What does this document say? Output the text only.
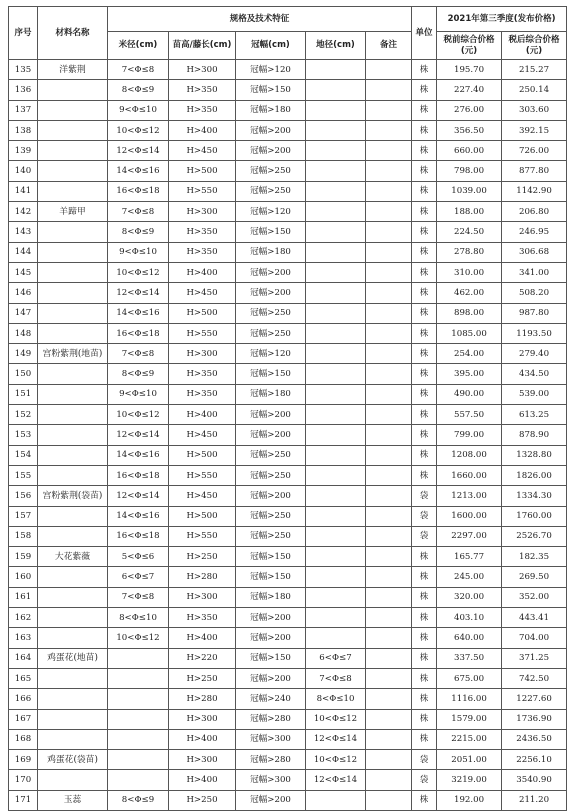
序号	材料名称	规格及技术特征					单位	2021年第三季度(发布价格)	
		米径(cm)	苗高/藤长(cm)	冠幅(cm)	地径(cm)	备注		税前综合价格(元)	税后综合价格(元)
135	洋紫荆	7<Φ≤8	H>300	冠幅>120			株	195.70	215.27
136		8<Φ≤9	H>350	冠幅>150			株	227.40	250.14
137		9<Φ≤10	H>350	冠幅>180			株	276.00	303.60
138		10<Φ≤12	H>400	冠幅>200			株	356.50	392.15
139		12<Φ≤14	H>450	冠幅>200			株	660.00	726.00
140		14<Φ≤16	H>500	冠幅>250			株	798.00	877.80
141		16<Φ≤18	H>550	冠幅>250			株	1039.00	1142.90
142	羊蹄甲	7<Φ≤8	H>300	冠幅>120			株	188.00	206.80
143		8<Φ≤9	H>350	冠幅>150			株	224.50	246.95
144		9<Φ≤10	H>350	冠幅>180			株	278.80	306.68
145		10<Φ≤12	H>400	冠幅>200			株	310.00	341.00
146		12<Φ≤14	H>450	冠幅>200			株	462.00	508.20
147		14<Φ≤16	H>500	冠幅>250			株	898.00	987.80
148		16<Φ≤18	H>550	冠幅>250			株	1085.00	1193.50
149	宫粉紫荆(地苗)	7<Φ≤8	H>300	冠幅>120			株	254.00	279.40
150		8<Φ≤9	H>350	冠幅>150			株	395.00	434.50
151		9<Φ≤10	H>350	冠幅>180			株	490.00	539.00
152		10<Φ≤12	H>400	冠幅>200			株	557.50	613.25
153		12<Φ≤14	H>450	冠幅>200			株	799.00	878.90
154		14<Φ≤16	H>500	冠幅>250			株	1208.00	1328.80
155		16<Φ≤18	H>550	冠幅>250			株	1660.00	1826.00
156	宫粉紫荆(袋苗)	12<Φ≤14	H>450	冠幅>200			袋	1213.00	1334.30
157		14<Φ≤16	H>500	冠幅>250			袋	1600.00	1760.00
158		16<Φ≤18	H>550	冠幅>250			袋	2297.00	2526.70
159	大花紫薇	5<Φ≤6	H>250	冠幅>150			株	165.77	182.35
160		6<Φ≤7	H>280	冠幅>150			株	245.00	269.50
161		7<Φ≤8	H>300	冠幅>180			株	320.00	352.00
162		8<Φ≤10	H>350	冠幅>200			株	403.10	443.41
163		10<Φ≤12	H>400	冠幅>200			株	640.00	704.00
164	鸡蛋花(地苗)		H>220	冠幅>150	6<Φ≤7		株	337.50	371.25
165			H>250	冠幅>200	7<Φ≤8		株	675.00	742.50
166			H>280	冠幅>240	8<Φ≤10		株	1116.00	1227.60
167			H>300	冠幅>280	10<Φ≤12		株	1579.00	1736.90
168			H>400	冠幅>300	12<Φ≤14		株	2215.00	2436.50
169	鸡蛋花(袋苗)		H>300	冠幅>280	10<Φ≤12		袋	2051.00	2256.10
170			H>400	冠幅>300	12<Φ≤14		袋	3219.00	3540.90
171	玉蕊	8<Φ≤9	H>250	冠幅>200			株	192.00	211.20
